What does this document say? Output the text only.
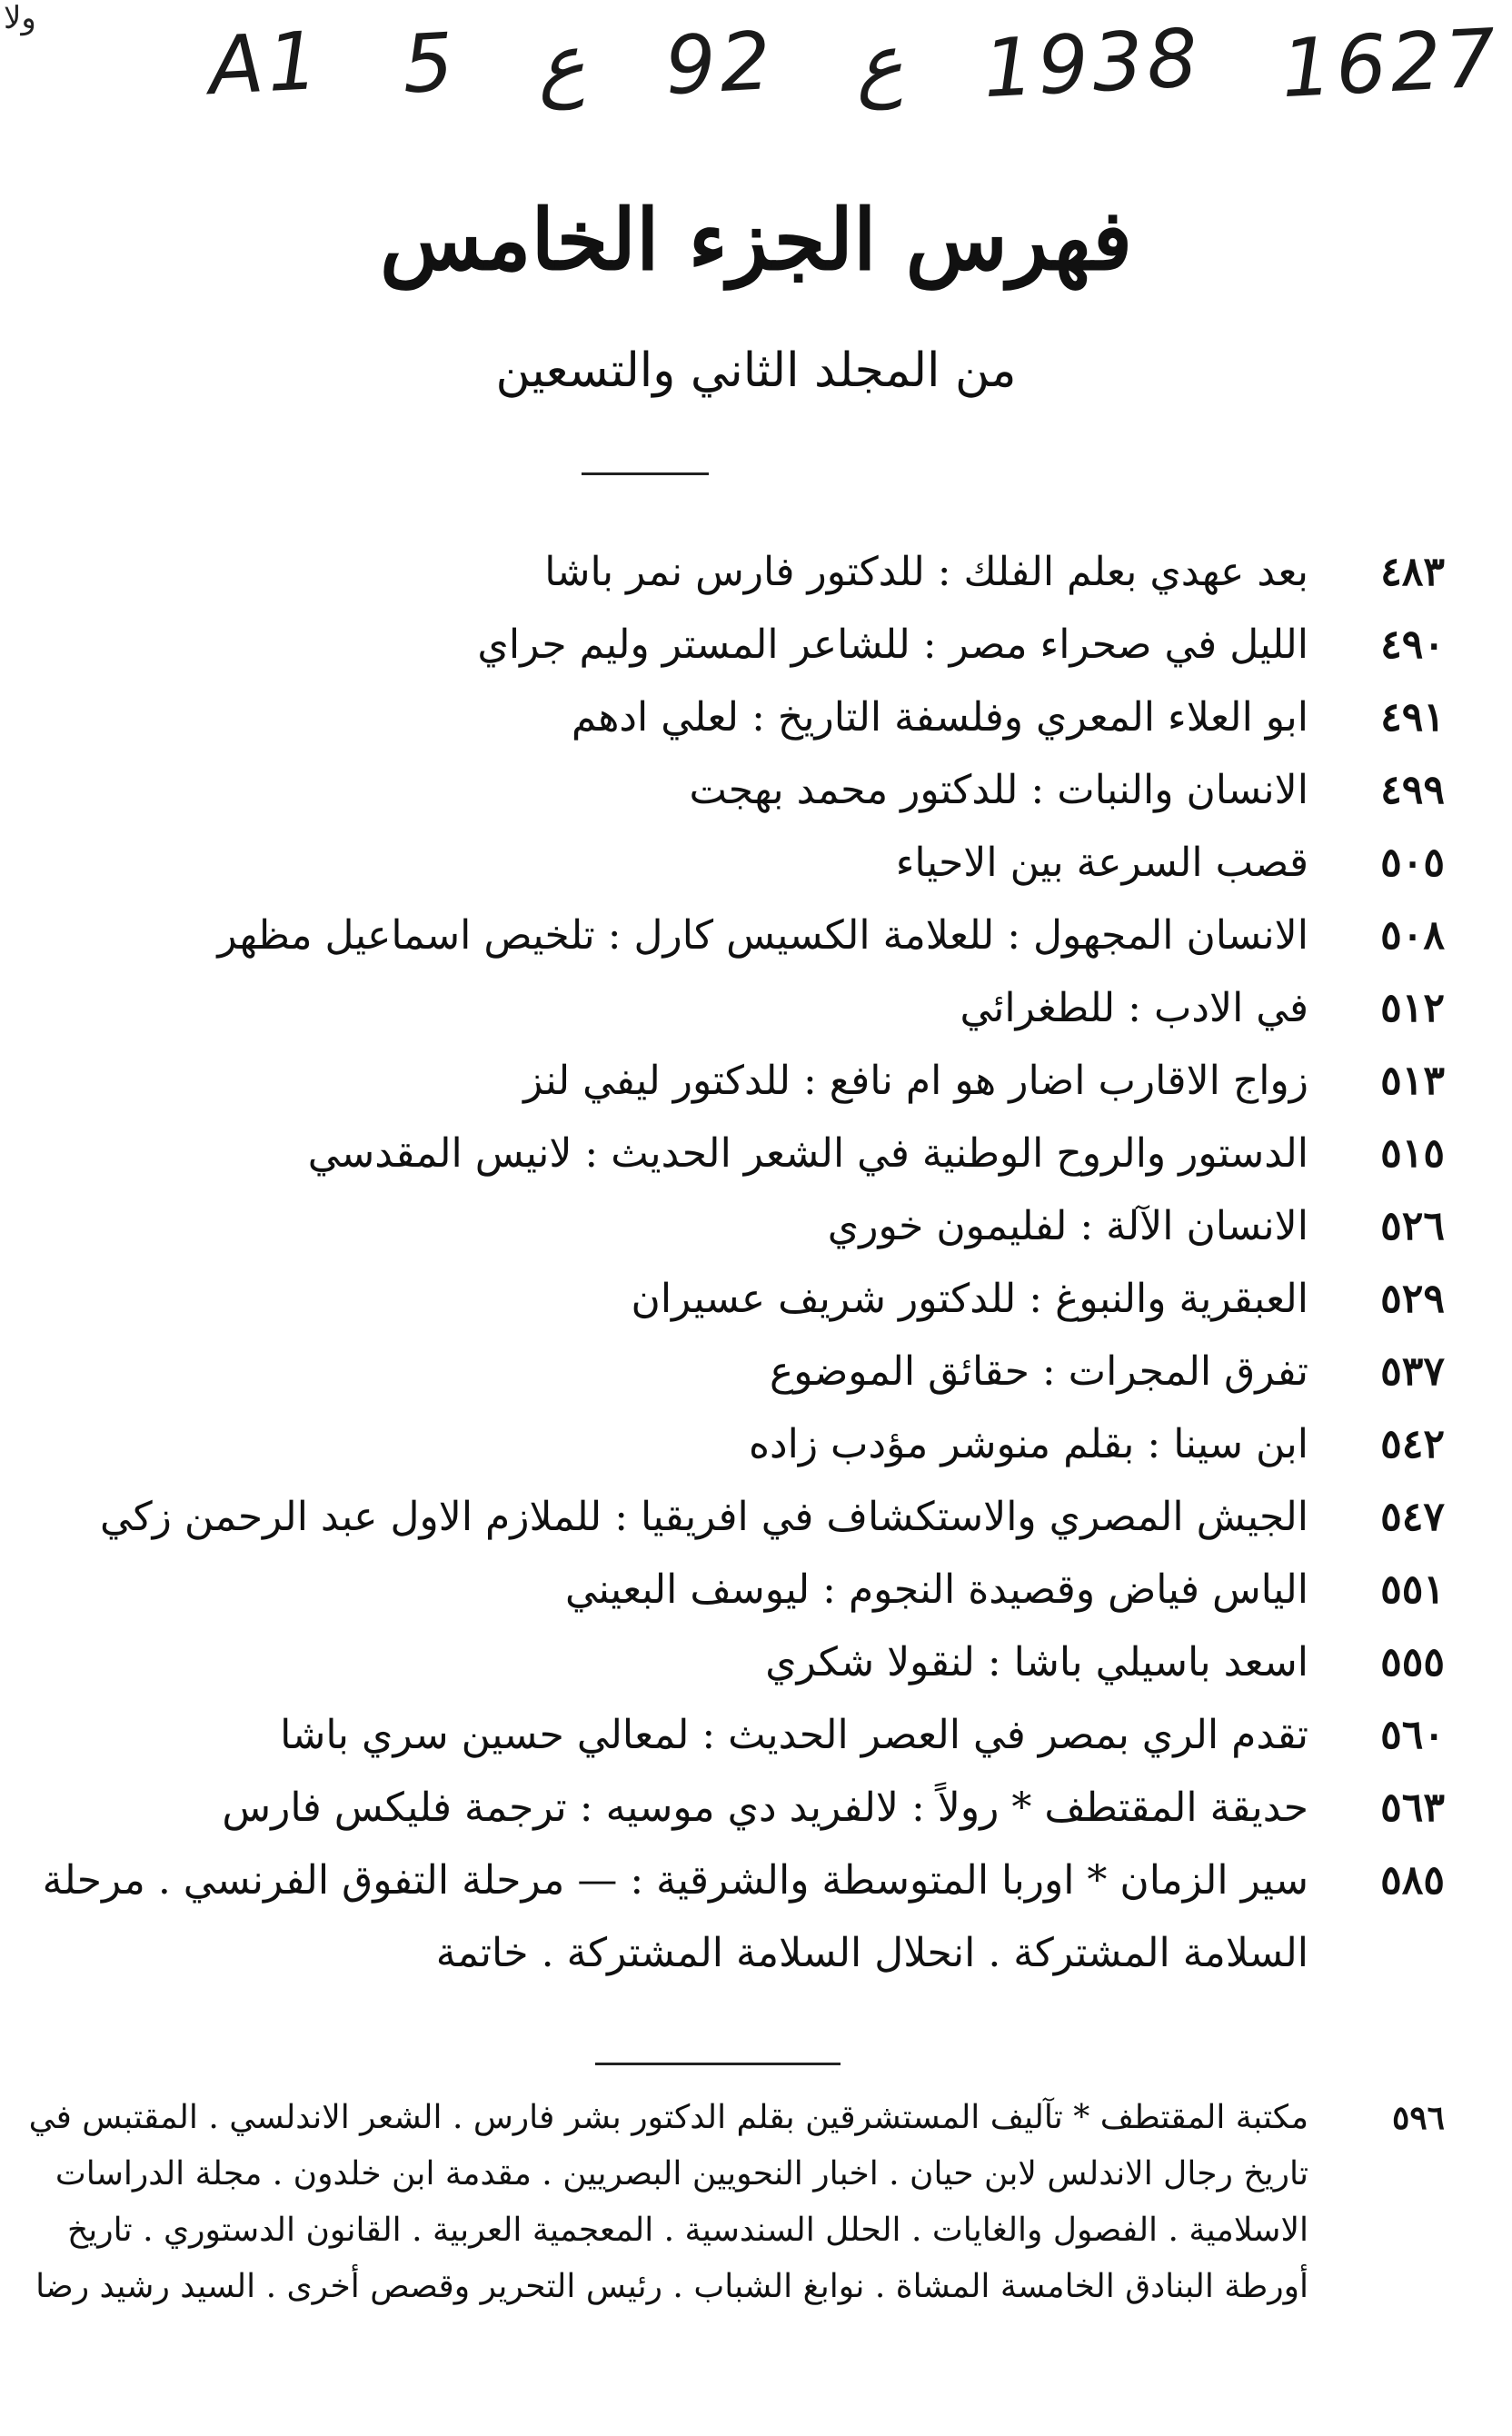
ولا A1 5 ع 92 ع 1938 1627
فهرس الجزء الخامس
من المجلد الثاني والتسعين
٤٨٣
بعد عهدي بعلم الفلك : للدكتور فارس نمر باشا
٤٩٠
الليل في صحراء مصر : للشاعر المستر وليم جراي
٤٩١
ابو العلاء المعري وفلسفة التاريخ : لعلي ادهم
٤٩٩
الانسان والنبات : للدكتور محمد بهجت
٥٠٥
قصب السرعة بين الاحياء
٥٠٨
الانسان المجهول : للعلامة الكسيس كارل : تلخيص اسماعيل مظهر
٥١٢
في الادب : للطغرائي
٥١٣
زواج الاقارب اضار هو ام نافع : للدكتور ليفي لنز
٥١٥
الدستور والروح الوطنية في الشعر الحديث : لانيس المقدسي
٥٢٦
الانسان الآلة : لفليمون خوري
٥٢٩
العبقرية والنبوغ : للدكتور شريف عسيران
٥٣٧
تفرق المجرات : حقائق الموضوع
٥٤٢
ابن سينا : بقلم منوشر مؤدب زاده
٥٤٧
الجيش المصري والاستكشاف في افريقيا : للملازم الاول عبد الرحمن زكي
٥٥١
الياس فياض وقصيدة النجوم : ليوسف البعيني
٥٥٥
اسعد باسيلي باشا : لنقولا شكري
٥٦٠
تقدم الري بمصر في العصر الحديث : لمعالي حسين سري باشا
٥٦٣
حديقة المقتطف * رولاً : لالفريد دي موسيه : ترجمة فليكس فارس
٥٨٥
سير الزمان * اوربا المتوسطة والشرقية : — مرحلة التفوق الفرنسي . مرحلة السلامة المشتركة . انحلال السلامة المشتركة . خاتمة
٥٩٦
مكتبة المقتطف * تآليف المستشرقين بقلم الدكتور بشر فارس . الشعر الاندلسي . المقتبس في تاريخ رجال الاندلس لابن حيان . اخبار النحويين البصريين . مقدمة ابن خلدون . مجلة الدراسات الاسلامية . الفصول والغايات . الحلل السندسية . المعجمية العربية . القانون الدستوري . تاريخ أورطة البنادق الخامسة المشاة . نوابغ الشباب . رئيس التحرير وقصص أخرى . السيد رشيد رضا
